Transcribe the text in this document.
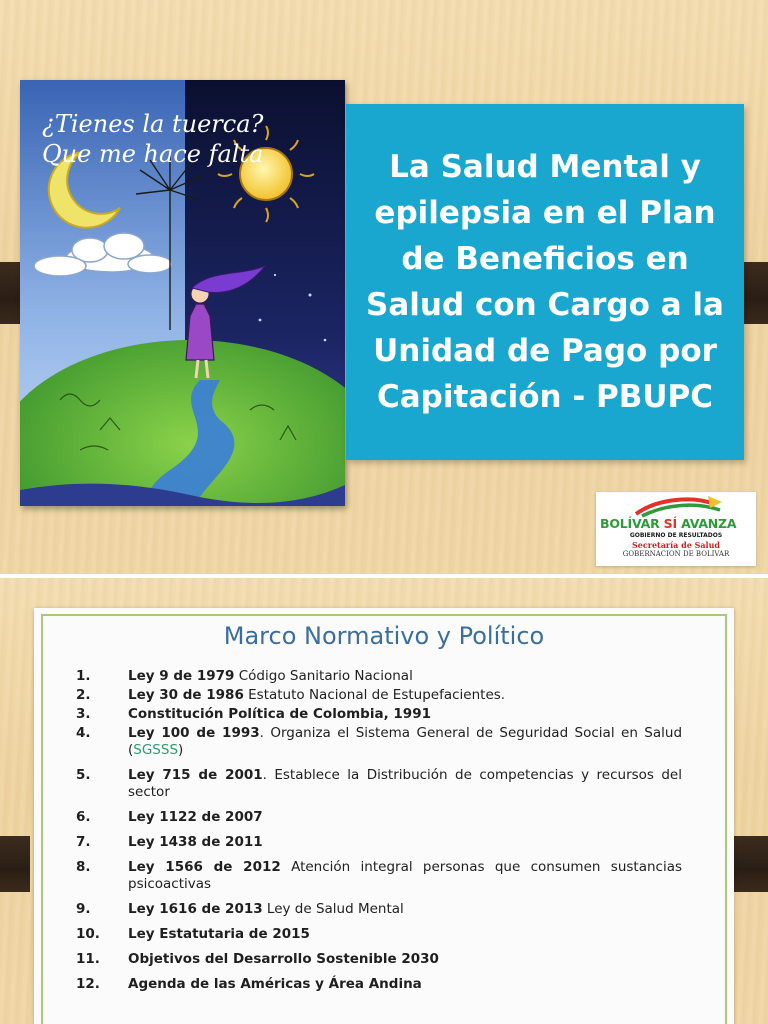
¿Tienes la tuerca?
Que me hace falta	La Salud Mental y epilepsia en el Plan de Beneficios en Salud con Cargo a la Unidad de Pago por Capitación - PBUPC
BOLÍVAR SÍ AVANZA
GOBIERNO DE RESULTADOS
Secretaría de Salud
GOBERNACION DE BOLIVAR
Marco Normativo y Político
1.	Ley 9 de 1979 Código Sanitario Nacional
2.	Ley 30 de 1986 Estatuto Nacional de Estupefacientes.
3.	Constitución Política de Colombia, 1991
4.	Ley 100 de 1993. Organiza el Sistema General de Seguridad Social en Salud (SGSSS)
5.	Ley 715 de 2001. Establece la Distribución de competencias y recursos del sector
6.	Ley 1122 de 2007
7.	Ley 1438 de 2011
8.	Ley 1566 de 2012 Atención integral personas que consumen sustancias psicoactivas
9.	Ley 1616 de 2013 Ley de Salud Mental
10.	Ley Estatutaria de 2015
11.	Objetivos del Desarrollo Sostenible 2030
12.	Agenda de las Américas y Área Andina
